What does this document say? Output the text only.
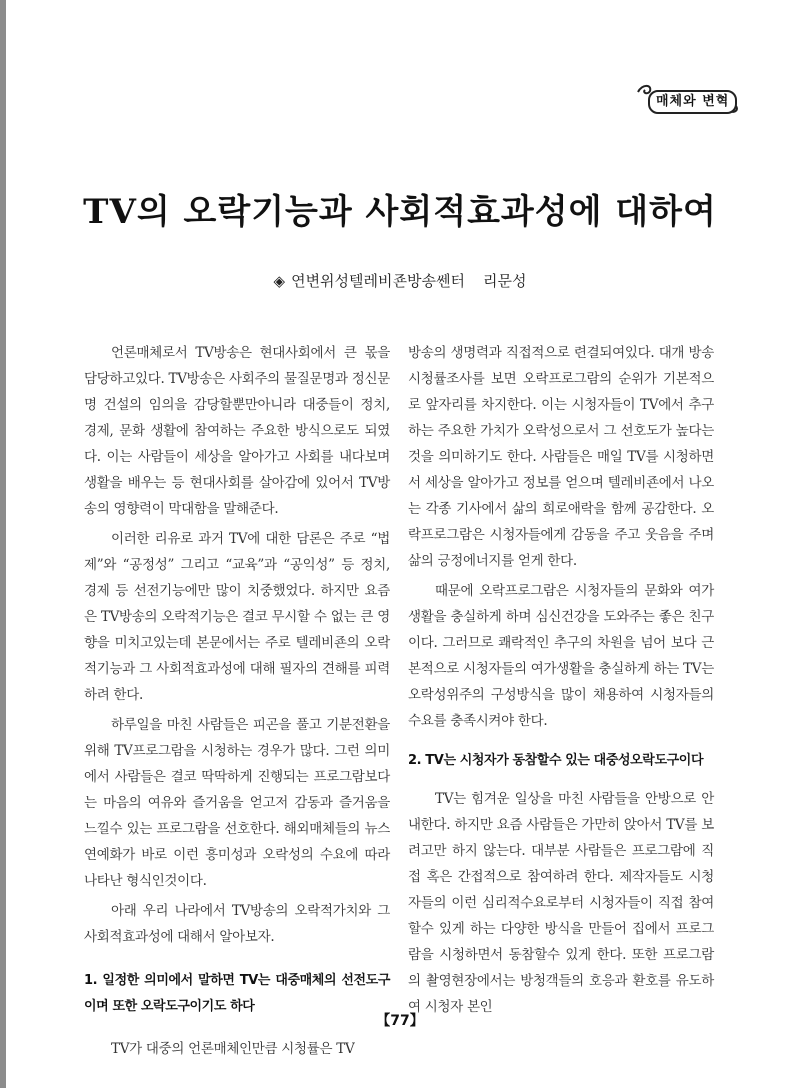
매체와 변혁
TV의 오락기능과 사회적효과성에 대하여
◈ 연변위성텔레비죤방송쎈터 리문성

언론매체로서 TV방송은 현대사회에서 큰 몫을 담당하고있다. TV방송은 사회주의 물질문명과 정신문명 건설의 임의을 감당할뿐만아니라 대중들이 정치, 경제, 문화 생활에 참여하는 주요한 방식으로도 되였다. 이는 사람들이 세상을 알아가고 사회를 내다보며 생활을 배우는 등 현대사회를 살아감에 있어서 TV방송의 영향력이 막대함을 말해준다.

이러한 리유로 과거 TV에 대한 담론은 주로 “법제”와 “공정성” 그리고 “교육”과 “공익성” 등 정치, 경제 등 선전기능에만 많이 치중했었다. 하지만 요즘은 TV방송의 오락적기능은 결코 무시할 수 없는 큰 영향을 미치고있는데 본문에서는 주로 텔레비죤의 오락적기능과 그 사회적효과성에 대해 필자의 견해를 피력하려 한다.

하루일을 마친 사람들은 피곤을 풀고 기분전환을 위해 TV프로그람을 시청하는 경우가 많다. 그런 의미에서 사람들은 결코 딱딱하게 진행되는 프로그람보다는 마음의 여유와 즐거움을 얻고저 감동과 즐거움을 느낄수 있는 프로그람을 선호한다. 해외매체들의 뉴스연예화가 바로 이런 흥미성과 오락성의 수요에 따라 나타난 형식인것이다.

아래 우리 나라에서 TV방송의 오락적가치와 그 사회적효과성에 대해서 알아보자.

1. 일정한 의미에서 말하면 TV는 대중매체의 선전도구이며 또한 오락도구이기도 하다

TV가 대중의 언론매체인만큼 시청률은 TV

방송의 생명력과 직접적으로 련결되여있다. 대개 방송시청률조사를 보면 오락프로그람의 순위가 기본적으로 앞자리를 차지한다. 이는 시청자들이 TV에서 추구하는 주요한 가치가 오락성으로서 그 선호도가 높다는것을 의미하기도 한다. 사람들은 매일 TV를 시청하면서 세상을 알아가고 정보를 얻으며 텔레비죤에서 나오는 각종 기사에서 삶의 희로애락을 함께 공감한다. 오락프로그람은 시청자들에게 감동을 주고 웃음을 주며 삶의 긍정에너지를 얻게 한다.

때문에 오락프로그람은 시청자들의 문화와 여가생활을 충실하게 하며 심신건강을 도와주는 좋은 친구이다. 그러므로 쾌락적인 추구의 차원을 넘어 보다 근본적으로 시청자들의 여가생활을 충실하게 하는 TV는 오락성위주의 구성방식을 많이 채용하여 시청자들의 수요를 충족시켜야 한다.

2. TV는 시청자가 동참할수 있는 대중성오락도구이다

TV는 힘겨운 일상을 마친 사람들을 안방으로 안내한다. 하지만 요즘 사람들은 가만히 앉아서 TV를 보려고만 하지 않는다. 대부분 사람들은 프로그람에 직접 혹은 간접적으로 참여하려 한다. 제작자들도 시청자들의 이런 심리적수요로부터 시청자들이 직접 참여할수 있게 하는 다양한 방식을 만들어 집에서 프로그람을 시청하면서 동참할수 있게 한다. 또한 프로그람의 촬영현장에서는 방청객들의 호응과 환호를 유도하여 시청자 본인

【77】
